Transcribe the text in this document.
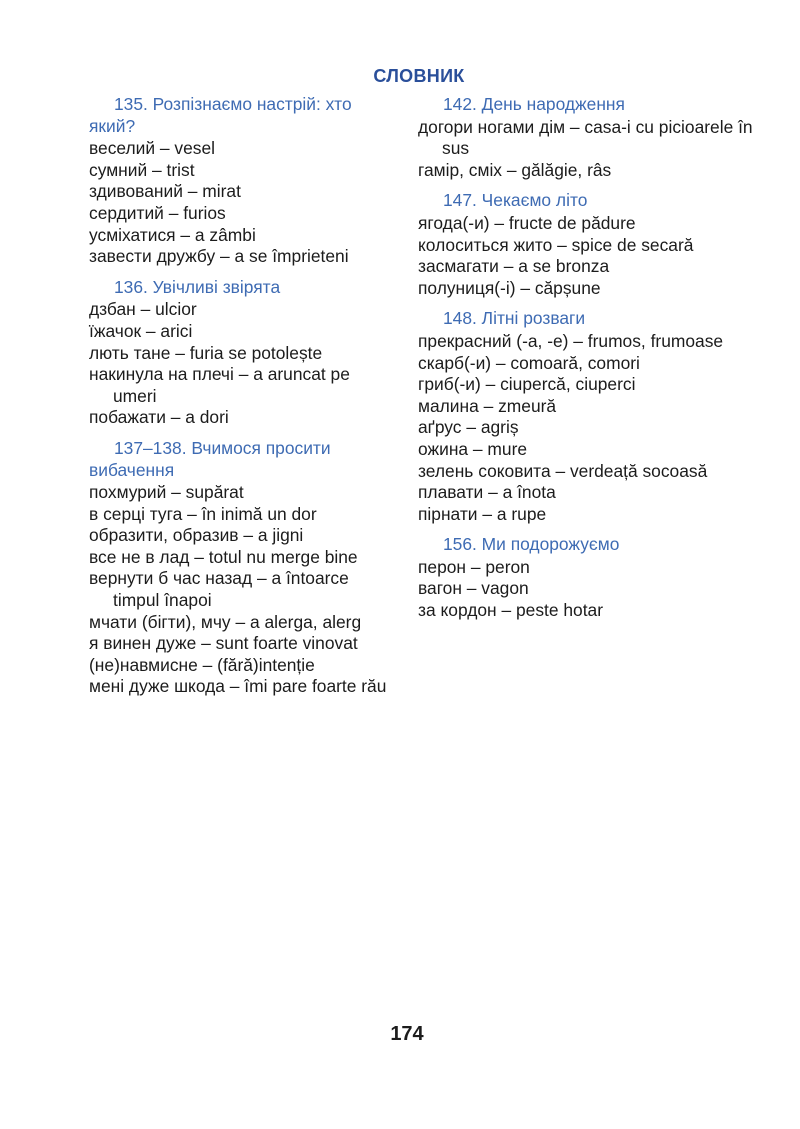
СЛОВНИК
135. Розпізнаємо настрій: хто який?
веселий – vesel
сумний – trist
здивований – mirat
сердитий – furios
усміхатися – a zâmbi
завести дружбу – a se împrieteni
136. Увічливі звірята
дзбан – ulcior
їжачок – arici
лють тане – furia se potolește
накинула на плечі – a aruncat pe umeri
побажати – a dori
137–138. Вчимося просити вибачення
похмурий – supărat
в серці туга – în inimă un dor
образити, образив – a jigni
все не в лад – totul nu merge bine
вернути б час назад – a întoarce timpul înapoi
мчати (бігти), мчу – a alerga, alerg
я винен дуже – sunt foarte vinovat
(не)навмисне – (fără)intenție
мені дуже шкода – îmi pare foarte rău
142. День народження
догори ногами дім – casa-i cu picioarele în sus
гамір, сміх – gălăgie, râs
147. Чекаємо літо
ягода(-и) – fructe de pădure
колоситься жито – spice de secară
засмагати – a se bronza
полуниця(-і) – căpșune
148. Літні розваги
прекрасний (-а, -е) – frumos, frumoase
скарб(-и) – comoară, comori
гриб(-и) – ciupercă, ciuperci
малина – zmeură
аґрус – agriș
ожина – mure
зелень соковита – verdeață socoasă
плавати – a înota
пірнати – a rupe
156. Ми подорожуємо
перон – peron
вагон – vagon
за кордон – peste hotar
174
